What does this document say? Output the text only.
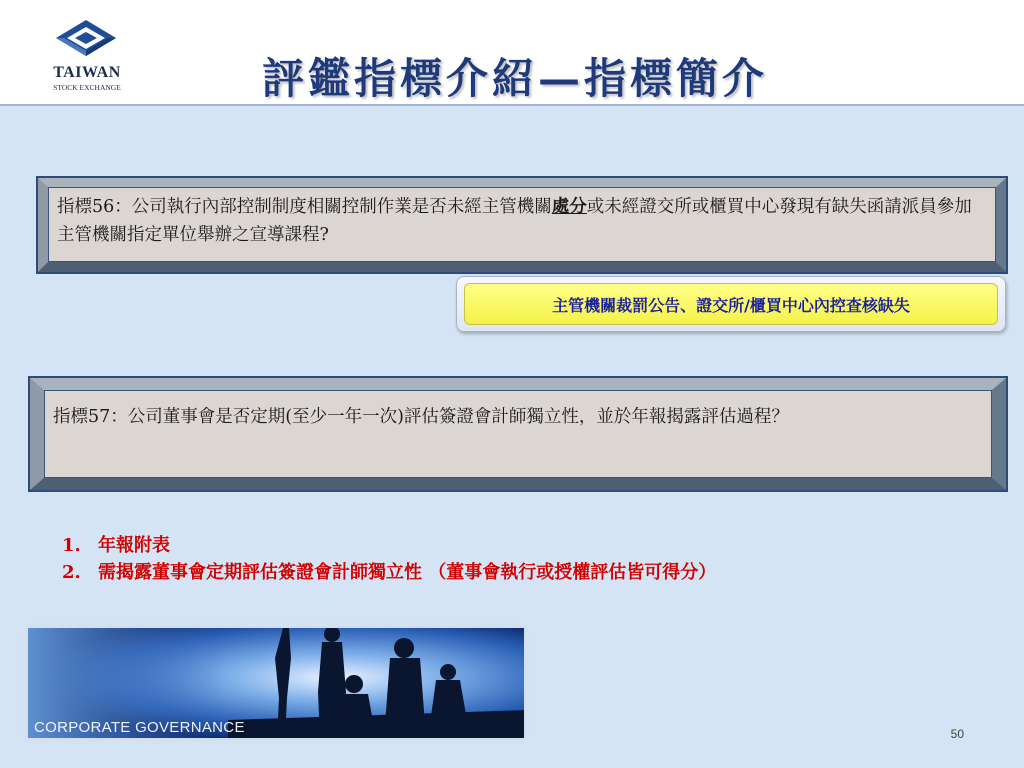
TAIWAN
STOCK EXCHANGE	評鑑指標介紹—指標簡介
指標56：公司執行內部控制制度相關控制作業是否未經主管機關處分或未經證交所或櫃買中心發現有缺失函請派員參加主管機關指定單位舉辦之宣導課程?
主管機關裁罰公告、證交所/櫃買中心內控查核缺失
指標57：公司董事會是否定期(至少一年一次)評估簽證會計師獨立性，並於年報揭露評估過程？
1. 年報附表
2. 需揭露董事會定期評估簽證會計師獨立性 （董事會執行或授權評估皆可得分）
CORPORATE GOVERNANCE	50
